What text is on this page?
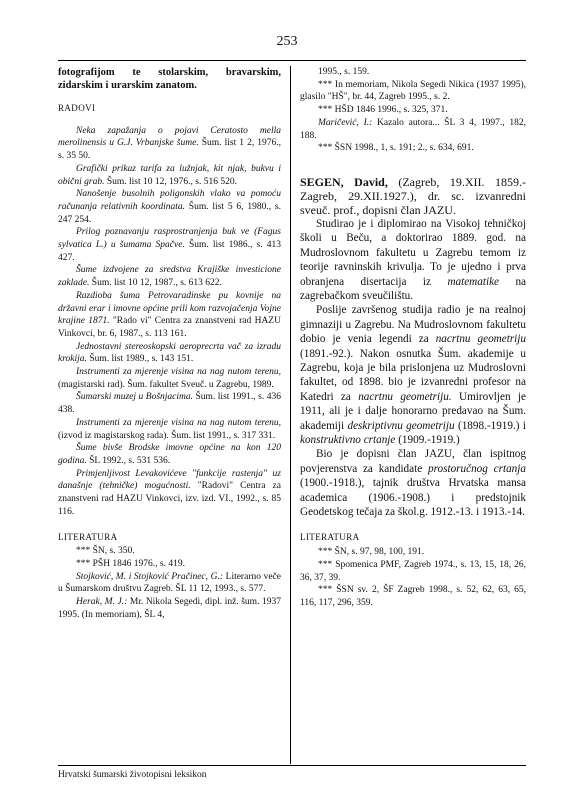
253
fotografijom te stolarskim, bravarskim, zidarskim i urarskim zanatom.
RADOVI

Neka zapažanja o pojavi Ceratosto mella merolinensis u G.J. Vrbanjske šume. Šum. list 1 2, 1976., s. 35 50.

Grafički prikaz tarifa za lužnjak, kit njak, bukvu i obični grab. Šum. list 10 12, 1976., s. 516 520.

Nanošenje busolnih poligonskih vlako va pomoću računanja relativnih koordinata. Šum. list 5 6, 1980., s. 247 254.

Prilog poznavanju rasprostranjenja buk ve (Fagus sylvatica L.) u šumama Spačve. Šum. list 1986., s. 413 427.

Šume izdvojene za sredstva Krajiške investicione zaklade. Šum. list 10 12, 1987., s. 613 622.

Razdioba šuma Petrovaradinske pu kovnije na državni erar i imovne općine prili kom razvojačenja Vojne krajine 1871. "Rado vi" Centra za znanstveni rad HAZU Vinkovci, br. 6, 1987., s. 113 161.

Jednostavni stereoskopski aeroprecrta vač za izradu krokija. Šum. list 1989., s. 143 151.

Instrumenti za mjerenje visina na nag nutom terenu, (magistarski rad). Šum. fakultet Sveuč. u Zagrebu, 1989.

Šumarski muzej u Bošnjacima. Šum. list 1991., s. 436 438.

Instrumenti za mjerenje visina na nag nutom terenu, (izvod iz magistarskog rada). Šum. list 1991., s. 317 331.

Šume bivše Brodske imovne općine na kon 120 godina. ŠL 1992., s. 531 536.

Primjenljivost Levakovićeve "funkcije rastenja" uz današnje (tehničke) mogućnosti. "Radovi" Centra za znanstveni rad HAZU Vinkovci, izv. izd. VI., 1992., s. 85 116.

LITERATURA

*** ŠN, s. 350.

*** PŠH 1846 1976., s. 419.

Stojković, M. i Stojković Pračinec, G.: Literarno veče u Šumarskom društvu Zagreb. ŠL 11 12, 1993., s. 577.

Herak, M. J.: Mr. Nikola Segedi, dipl. inž. šum. 1937 1995. (In memoriam), ŠL 4,

1995., s. 159.

*** In memoriam, Nikola Segedi Nikica (1937 1995), glasilo "HŠ", br. 44, Zagreb 1995., s. 2.

*** HŠD 1846 1996., s. 325, 371.

Maričević, I.: Kazalo autora... ŠL 3 4, 1997., 182, 188.

*** ŠSN 1998., 1, s. 191; 2., s. 634, 691.

SEGEN, David, (Zagreb, 19.XII. 1859.- Zagreb, 29.XII.1927.), dr. sc. izvanredni sveuč. prof., dopisni član JAZU.

Studirao je i diplomirao na Visokoj tehničkoj školi u Beču, a doktorirao 1889. god. na Mudroslovnom fakultetu u Zagrebu temom iz teorije ravninskih krivulja. To je ujedno i prva obranjena disertacija iz matematike na zagrebačkom sveučilištu.

Poslije završenog studija radio je na realnoj gimnaziji u Zagrebu. Na Mudroslovnom fakultetu dobio je venia legendi za nacrtnu geometriju (1891.-92.). Nakon osnutka Šum. akademije u Zagrebu, koja je bila prislonjena uz Mudroslovni fakultet, od 1898. bio je izvanredni profesor na Katedri za nacrtnu geometriju. Umirovljen je 1911, ali je i dalje honorarno predavao na Šum. akademiji deskriptivnu geometriju (1898.-1919.) i konstruktivno crtanje (1909.-1919.)

Bio je dopisni član JAZU, član ispitnog povjerenstva za kandidate prostoručnog crtanja (1900.-1918.), tajnik društva Hrvatska mansa academica (1906.-1908.) i predstojnik Geodetskog tečaja za škol.g. 1912.-13. i 1913.-14.

LITERATURA

*** ŠN, s. 97, 98, 100, 191.

*** Spomenica PMF, Zagreb 1974., s. 13, 15, 18, 26, 36, 37, 39.

*** ŠSN sv. 2, ŠF Zagreb 1998., s. 52, 62, 63, 65, 116, 117, 296, 359.

Hrvatski šumarski životopisni leksikon
